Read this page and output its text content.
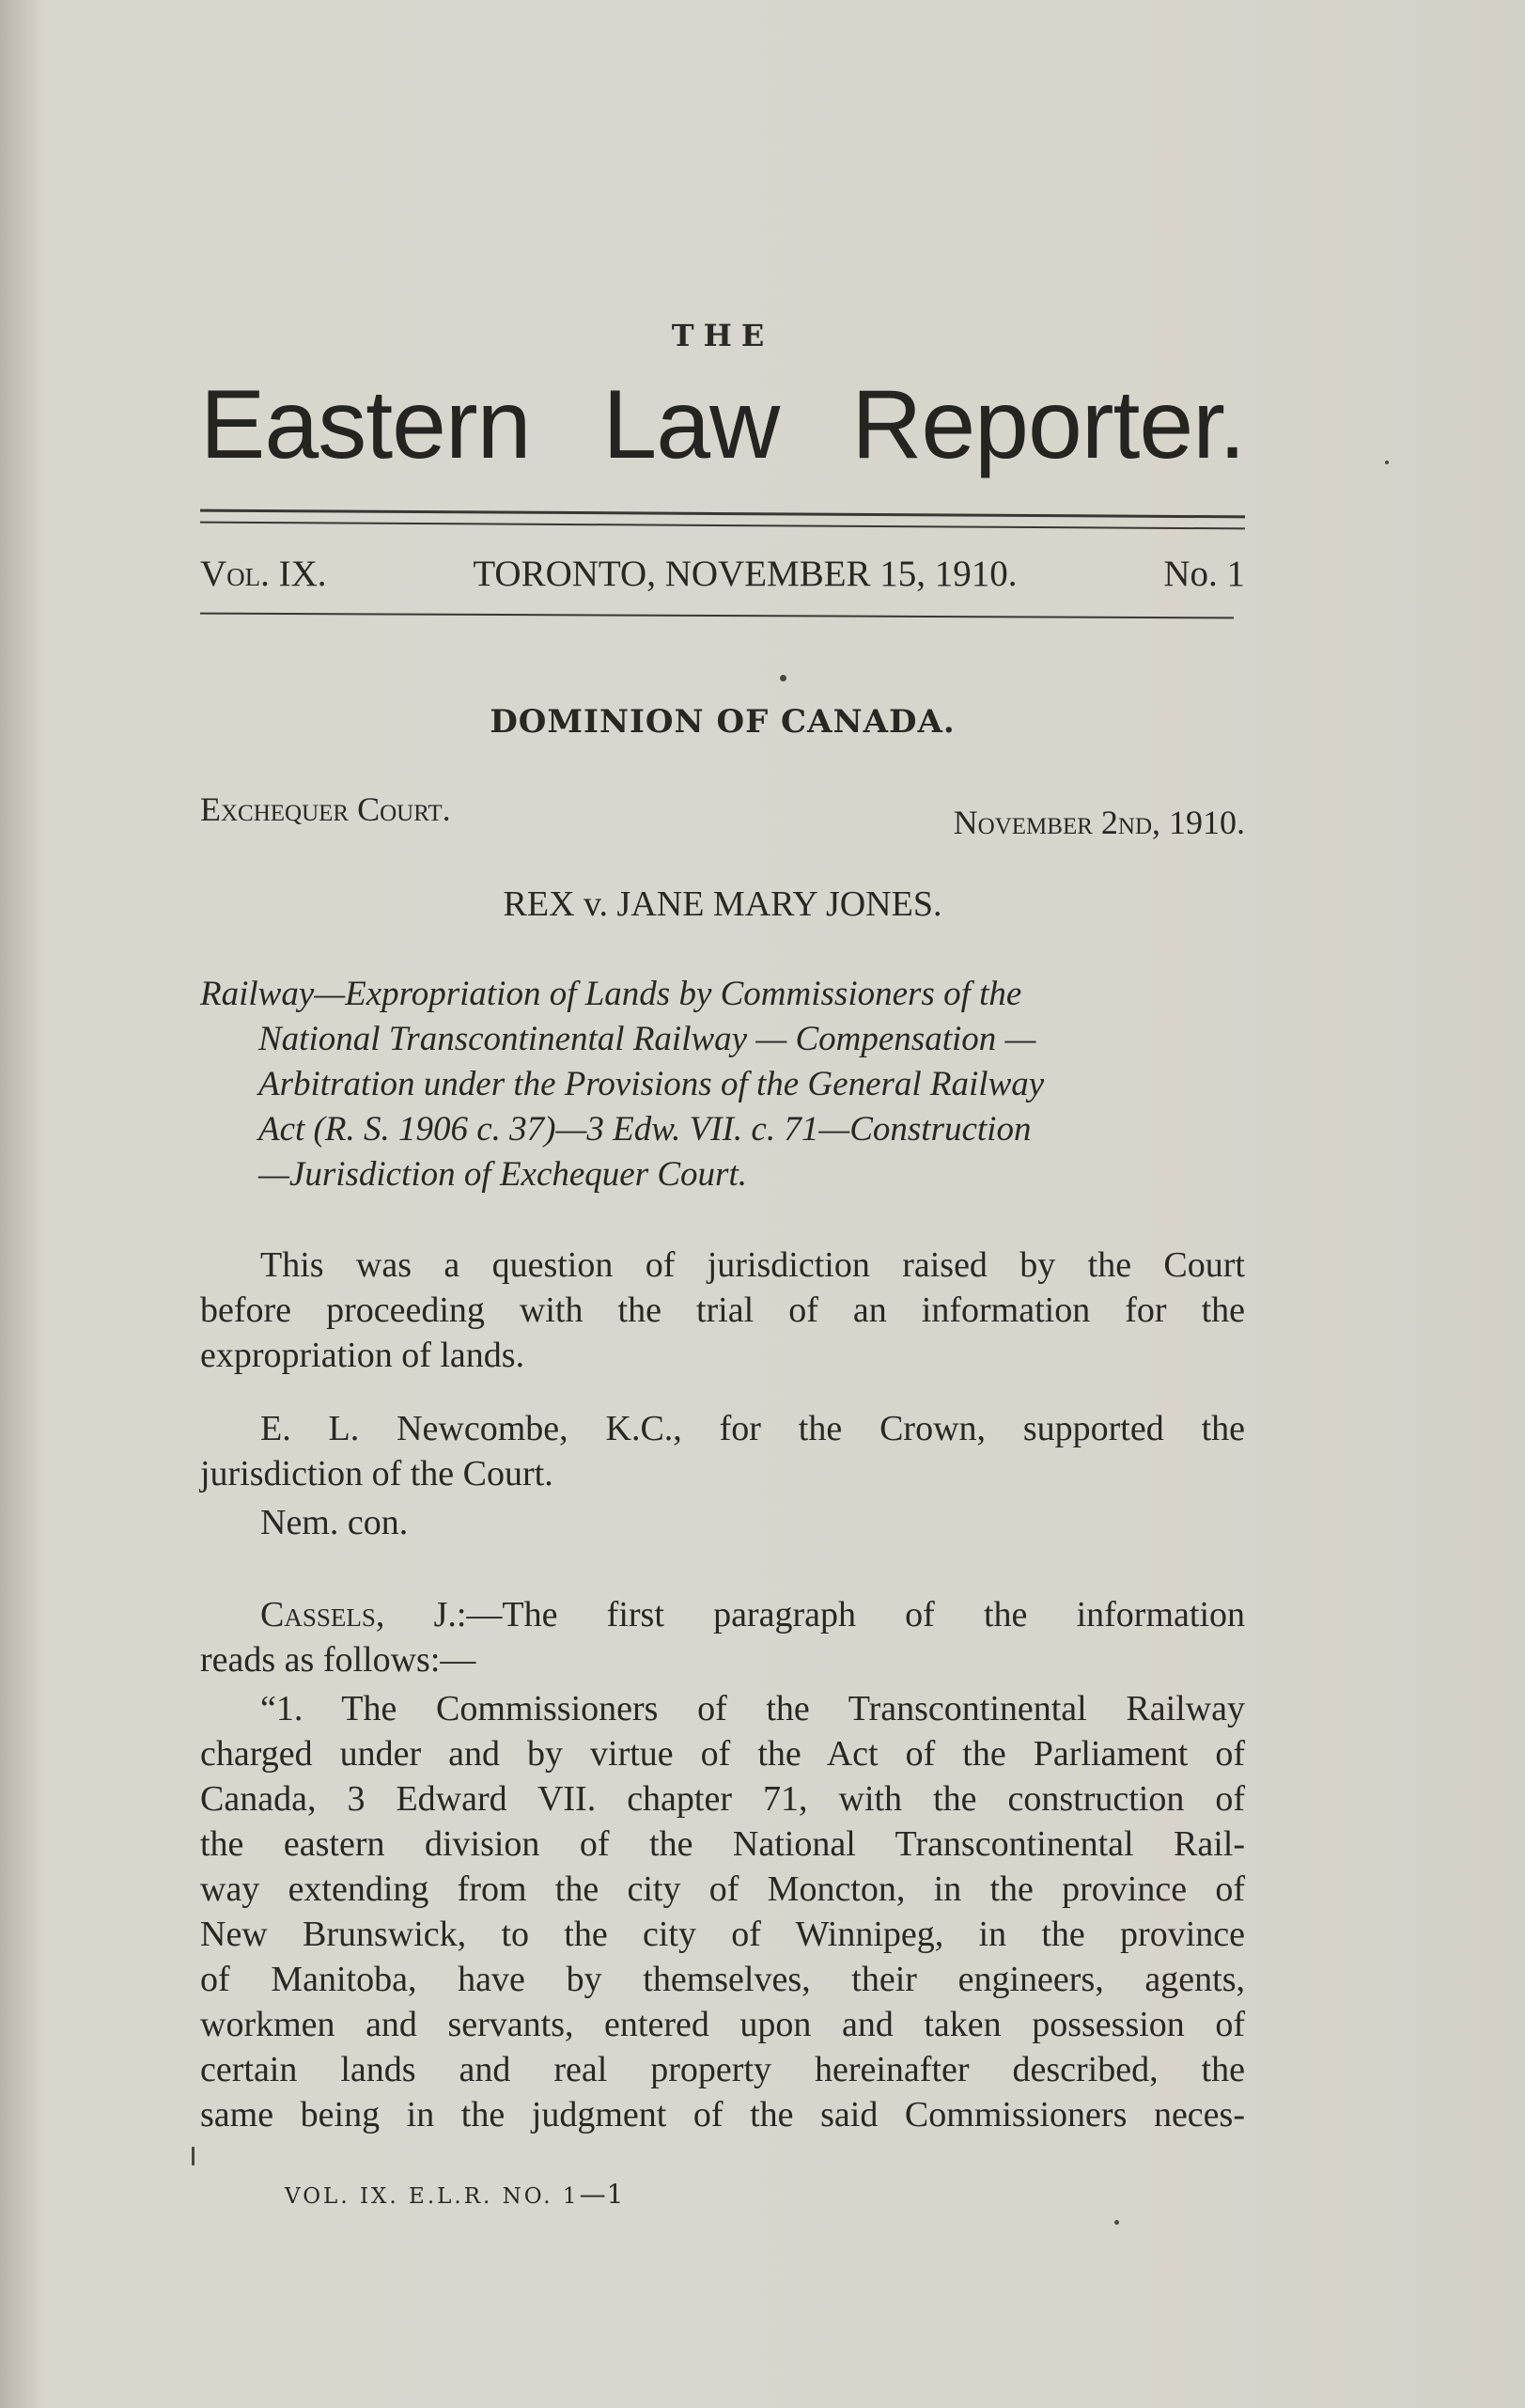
THE
Eastern Law Reporter.
Vol. IX.	TORONTO, NOVEMBER 15, 1910.	No. 1
DOMINION OF CANADA.
Exchequer Court.	November 2nd, 1910.
REX v. JANE MARY JONES.
Railway—Expropriation of Lands by Commissioners of the
National Transcontinental Railway — Compensation —
Arbitration under the Provisions of the General Railway
Act (R. S. 1906 c. 37)—3 Edw. VII. c. 71—Construction
—Jurisdiction of Exchequer Court.
This was a question of jurisdiction raised by the Court
before proceeding with the trial of an information for the
expropriation of lands.
E. L. Newcombe, K.C., for the Crown, supported the
jurisdiction of the Court.
Nem. con.
Cassels, J.:—The first paragraph of the information
reads as follows:—
“1. The Commissioners of the Transcontinental Railway
charged under and by virtue of the Act of the Parliament of
Canada, 3 Edward VII. chapter 71, with the construction of
the eastern division of the National Transcontinental Rail-
way extending from the city of Moncton, in the province of
New Brunswick, to the city of Winnipeg, in the province
of Manitoba, have by themselves, their engineers, agents,
workmen and servants, entered upon and taken possession of
certain lands and real property hereinafter described, the
same being in the judgment of the said Commissioners neces-
VOL. IX. E.L.R. NO. 1—1
